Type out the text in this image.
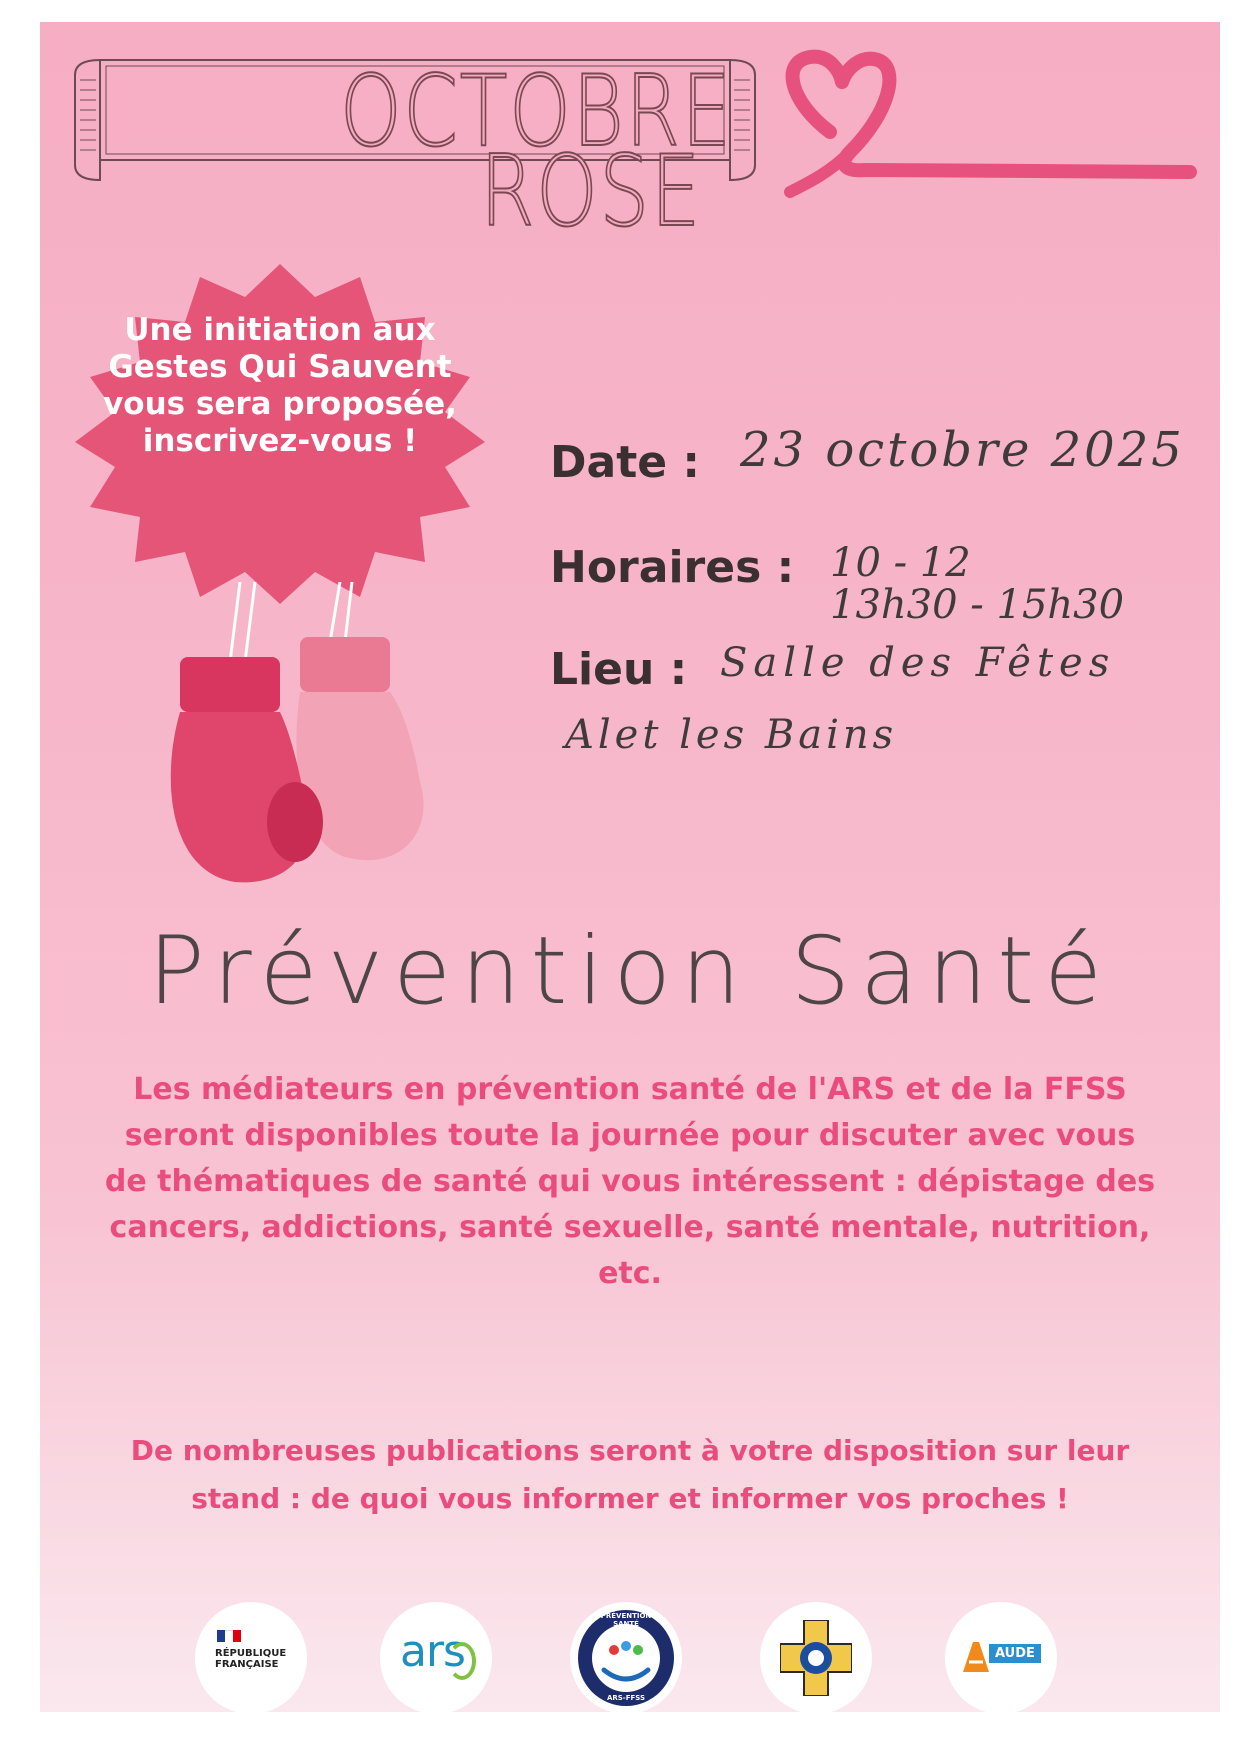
OCTOBRE
ROSE
Une initiation aux Gestes Qui Sauvent vous sera proposée, inscrivez-vous !	Date : 23 octobre 2025
Horaires : 10 - 12
13h30 - 15h30
Lieu : Salle des Fêtes
Alet les Bains
Prévention Santé
Les médiateurs en prévention santé de l'ARS et de la FFSS seront disponibles toute la journée pour discuter avec vous de thématiques de santé qui vous intéressent : dépistage des cancers, addictions, santé sexuelle, santé mentale, nutrition, etc.
De nombreuses publications seront à votre disposition sur leur stand : de quoi vous informer et informer vos proches !
RÉPUBLIQUE
FRANÇAISE	ars
PRÉVENTION SANTÉ
ARS-FFSS
AUDE
